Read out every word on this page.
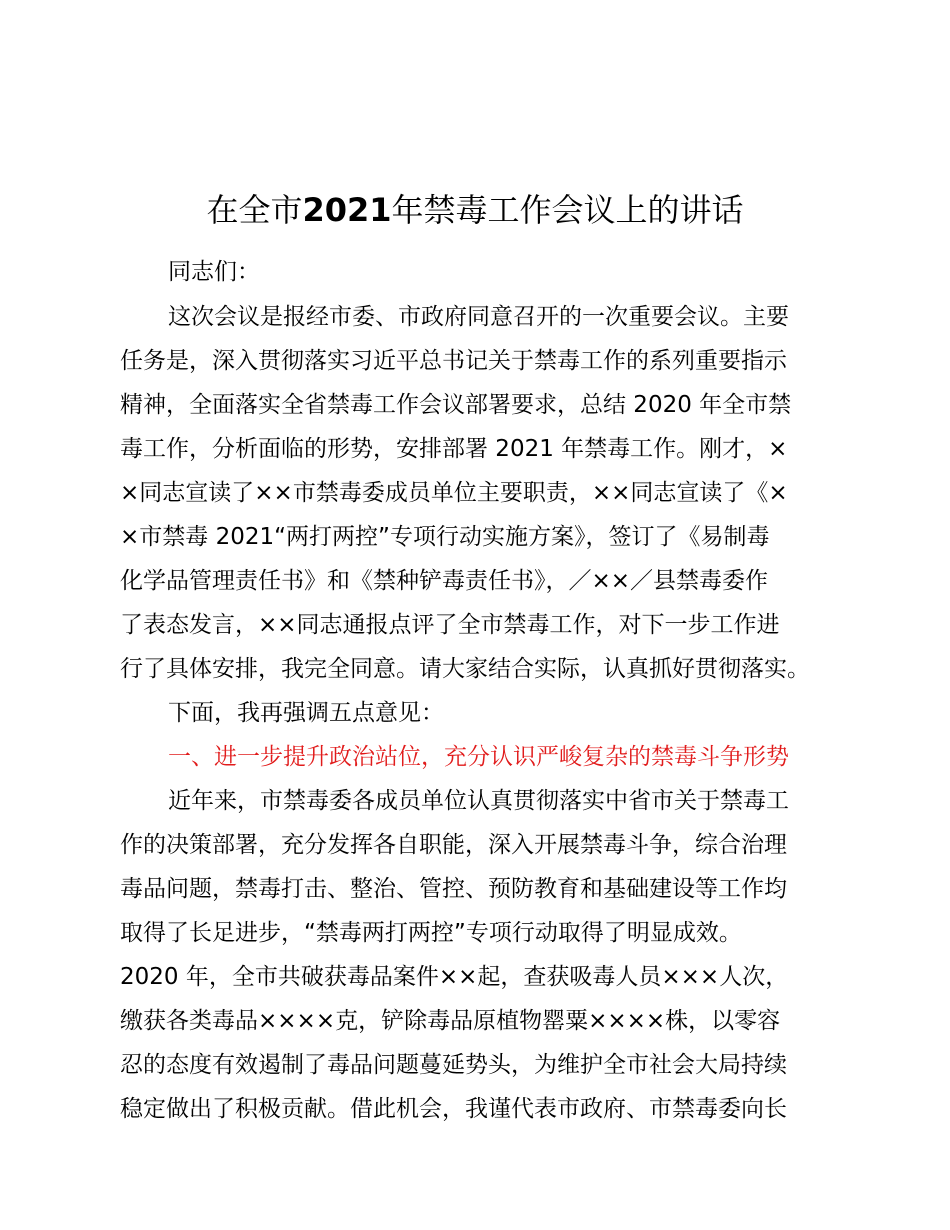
在全市2021年禁毒工作会议上的讲话
同志们：
这次会议是报经市委、市政府同意召开的一次重要会议。主要
任务是，深入贯彻落实习近平总书记关于禁毒工作的系列重要指示
精神，全面落实全省禁毒工作会议部署要求，总结 2020 年全市禁
毒工作，分析面临的形势，安排部署 2021 年禁毒工作。刚才，×
×同志宣读了××市禁毒委成员单位主要职责，××同志宣读了《×
×市禁毒 2021“两打两控”专项行动实施方案》，签订了《易制毒
化学品管理责任书》和《禁种铲毒责任书》，／××／县禁毒委作
了表态发言，××同志通报点评了全市禁毒工作，对下一步工作进
行了具体安排，我完全同意。请大家结合实际，认真抓好贯彻落实。
下面，我再强调五点意见：
一、进一步提升政治站位，充分认识严峻复杂的禁毒斗争形势
近年来，市禁毒委各成员单位认真贯彻落实中省市关于禁毒工
作的决策部署，充分发挥各自职能，深入开展禁毒斗争，综合治理
毒品问题，禁毒打击、整治、管控、预防教育和基础建设等工作均
取得了长足进步，“禁毒两打两控”专项行动取得了明显成效。
2020 年，全市共破获毒品案件××起，查获吸毒人员×××人次，
缴获各类毒品××××克，铲除毒品原植物罂粟××××株，以零容
忍的态度有效遏制了毒品问题蔓延势头，为维护全市社会大局持续
稳定做出了积极贡献。借此机会，我谨代表市政府、市禁毒委向长
